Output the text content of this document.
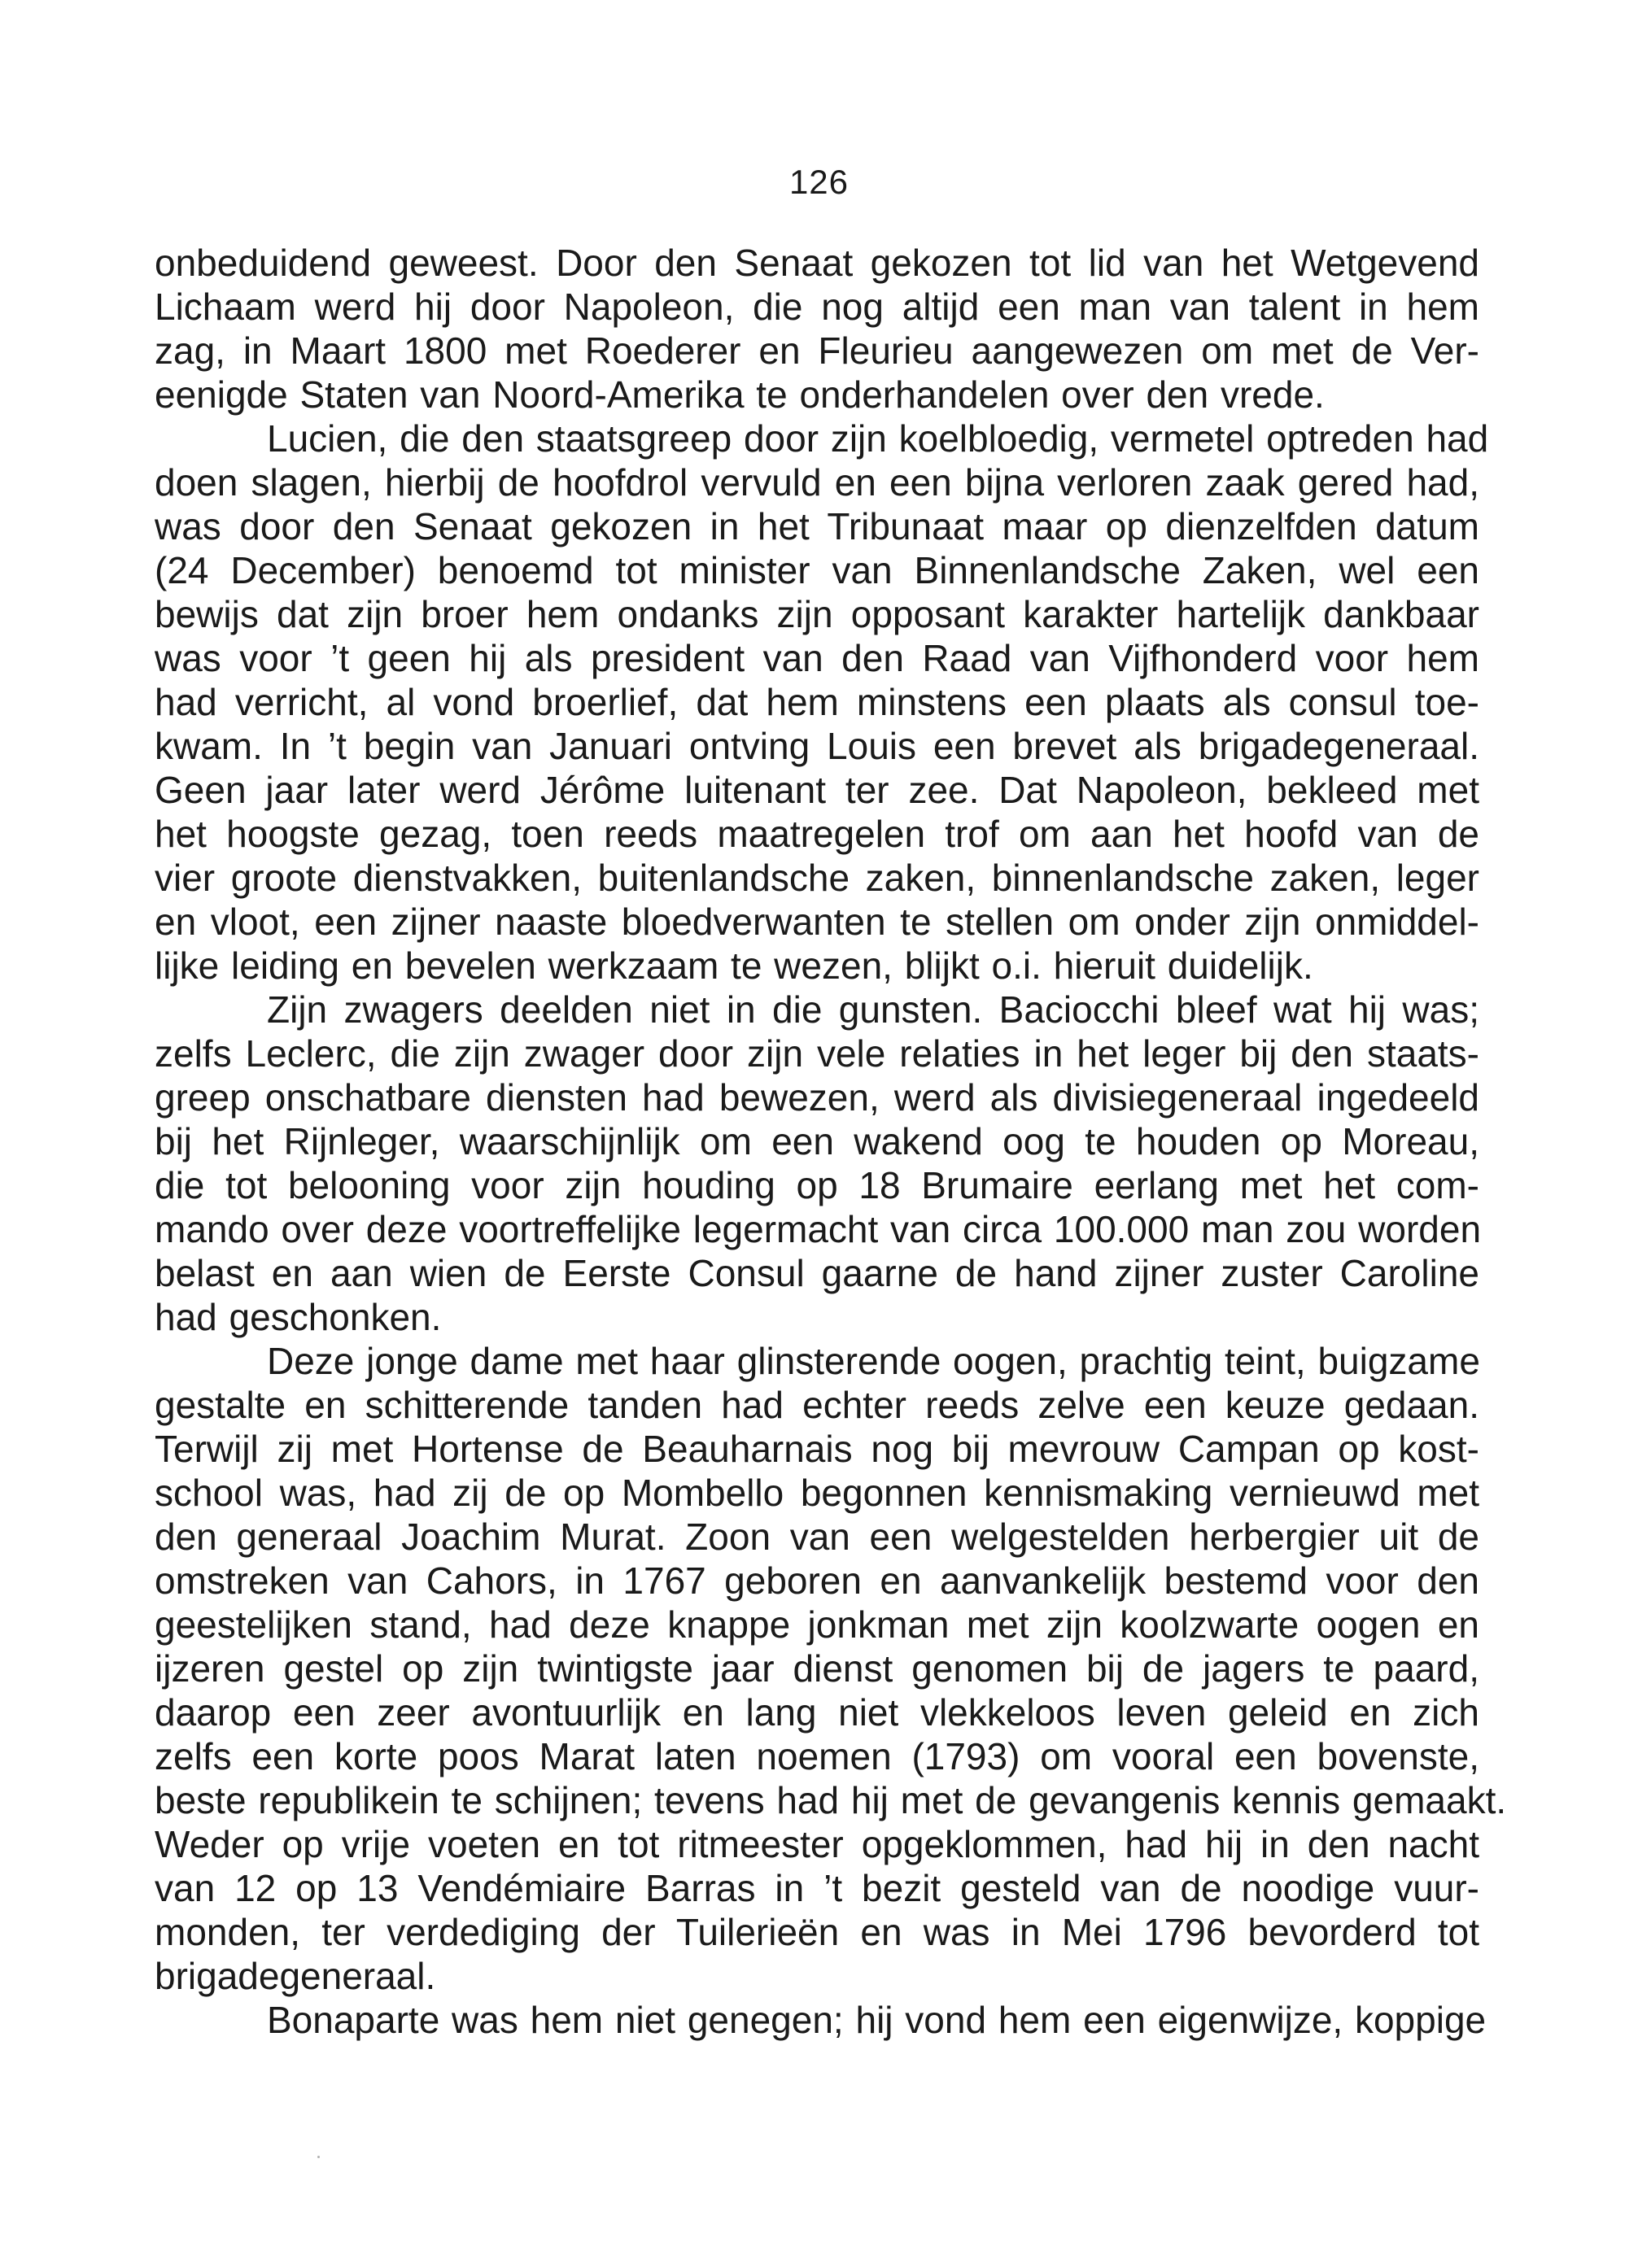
126
onbeduidend geweest. Door den Senaat gekozen tot lid van het Wetgevend
Lichaam werd hij door Napoleon, die nog altijd een man van talent in hem
zag, in Maart 1800 met Roederer en Fleurieu aangewezen om met de Ver-
eenigde Staten van Noord-Amerika te onderhandelen over den vrede.
Lucien, die den staatsgreep door zijn koelbloedig, vermetel optreden had
doen slagen, hierbij de hoofdrol vervuld en een bijna verloren zaak gered had,
was door den Senaat gekozen in het Tribunaat maar op dienzelfden datum
(24 December) benoemd tot minister van Binnenlandsche Zaken, wel een
bewijs dat zijn broer hem ondanks zijn opposant karakter hartelijk dankbaar
was voor ’t geen hij als president van den Raad van Vijfhonderd voor hem
had verricht, al vond broerlief, dat hem minstens een plaats als consul toe-
kwam. In ’t begin van Januari ontving Louis een brevet als brigadegeneraal.
Geen jaar later werd Jérôme luitenant ter zee. Dat Napoleon, bekleed met
het hoogste gezag, toen reeds maatregelen trof om aan het hoofd van de
vier groote dienstvakken, buitenlandsche zaken, binnenlandsche zaken, leger
en vloot, een zijner naaste bloedverwanten te stellen om onder zijn onmiddel-
lijke leiding en bevelen werkzaam te wezen, blijkt o.i. hieruit duidelijk.
Zijn zwagers deelden niet in die gunsten. Baciocchi bleef wat hij was;
zelfs Leclerc, die zijn zwager door zijn vele relaties in het leger bij den staats-
greep onschatbare diensten had bewezen, werd als divisiegeneraal ingedeeld
bij het Rijnleger, waarschijnlijk om een wakend oog te houden op Moreau,
die tot belooning voor zijn houding op 18 Brumaire eerlang met het com-
mando over deze voortreffelijke legermacht van circa 100.000 man zou worden
belast en aan wien de Eerste Consul gaarne de hand zijner zuster Caroline
had geschonken.
Deze jonge dame met haar glinsterende oogen, prachtig teint, buigzame
gestalte en schitterende tanden had echter reeds zelve een keuze gedaan.
Terwijl zij met Hortense de Beauharnais nog bij mevrouw Campan op kost-
school was, had zij de op Mombello begonnen kennismaking vernieuwd met
den generaal Joachim Murat. Zoon van een welgestelden herbergier uit de
omstreken van Cahors, in 1767 geboren en aanvankelijk bestemd voor den
geestelijken stand, had deze knappe jonkman met zijn koolzwarte oogen en
ijzeren gestel op zijn twintigste jaar dienst genomen bij de jagers te paard,
daarop een zeer avontuurlijk en lang niet vlekkeloos leven geleid en zich
zelfs een korte poos Marat laten noemen (1793) om vooral een bovenste,
beste republikein te schijnen; tevens had hij met de gevangenis kennis gemaakt.
Weder op vrije voeten en tot ritmeester opgeklommen, had hij in den nacht
van 12 op 13 Vendémiaire Barras in ’t bezit gesteld van de noodige vuur-
monden, ter verdediging der Tuilerieën en was in Mei 1796 bevorderd tot
brigadegeneraal.
Bonaparte was hem niet genegen; hij vond hem een eigenwijze, koppige
